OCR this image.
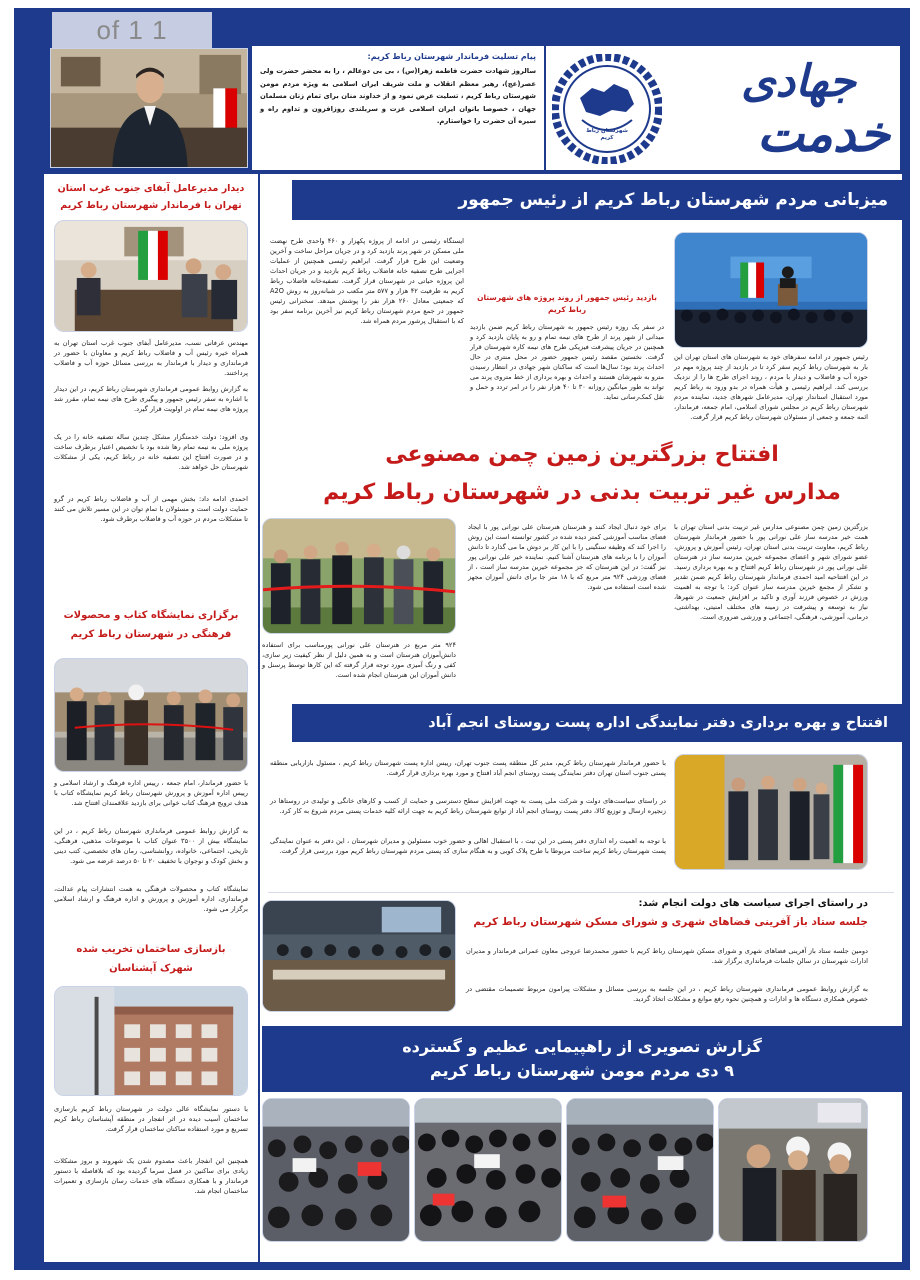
1 of 1
شهرستان رباط کریم
جهادی
خدمت
پیام تسلیت فرماندار شهرستان رباط کریم:
سالروز شهادت حضرت فاطمه زهرا(س) ، بی بی دوعالم ، را به محضر حضرت ولی عصر(عج)، رهبر معظم انقلاب و ملت شریف ایران اسلامی به ویژه مردم مومن شهرستان رباط کریم ، تسلیت عرض نمود و از خداوند منان برای تمام زنان مسلمان جهان ، خصوصا بانوان ایران اسلامی عزت و سربلندی روزافزون و تداوم راه و سیره آن حضرت را خواستارم.
دیدار مدیرعامل آبفای جنوب غرب استان تهران با فرماندار شهرستان رباط کریم
مهندس عرفانی نسب، مدیرعامل آبفای جنوب غرب استان تهران به همراه خیره رئیس آب و فاضلاب رباط کریم و معاونان با حضور در فرمانداری و دیدار با فرماندار به بررسی مسائل حوزه آب و فاضلاب پرداختند.
به گزارش روابط عمومی فرمانداری شهرستان رباط کریم، در این دیدار با اشاره به سفر رئیس جمهور و پیگیری طرح های نیمه تمام، مقرر شد پروژه های نیمه تمام در اولویت قرار گیرد.
وی افزود: دولت خدمتگزار مشکل چندین ساله تصفیه خانه را در یک پروژه ملی به نیمه تمام رها شده بود با تخصیص اعتبار برطرف ساخت و در صورت افتتاح این تصفیه خانه در رباط کریم، یکی از مشکلات شهرستان حل خواهد شد.
احمدی ادامه داد: بخش مهمی از آب و فاضلاب رباط کریم در گرو حمایت دولت است و مسئولان با تمام توان در این مسیر تلاش می کنند تا مشکلات مردم در حوزه آب و فاضلاب برطرف شود.
برگزاری نمایشگاه کتاب و محصولات فرهنگی در شهرستان رباط کریم
با حضور فرماندار، امام جمعه ، رییس اداره فرهنگ و ارشاد اسلامی و رییس اداره آموزش و پرورش شهرستان رباط کریم نمایشگاه کتاب با هدف ترویج فرهنگ کتاب خوانی برای بازدید علاقمندان افتتاح شد.
به گزارش روابط عمومی فرمانداری شهرستان رباط کریم ، در این نمایشگاه بیش از ۳۵۰۰ عنوان کتاب با موضوعات مذهبی، فرهنگی، تاریخی، اجتماعی، خانواده، روانشناسی، رمان های تخصصی، کتب دینی و بخش کودک و نوجوان با تخفیف ۲۰ تا ۵۰ درصد عرضه می شود.
نمایشگاه کتاب و محصولات فرهنگی به همت انتشارات پیام عدالت، فرمانداری، اداره آموزش و پرورش و اداره فرهنگ و ارشاد اسلامی برگزار می شود.
بازسازی ساختمان تخریب شده شهرک آپشناسان
با دستور نمایشگاه عالی دولت در شهرستان رباط کریم بازسازی ساختمان آسیب دیده در اثر انفجار در منطقه آپشناسان رباط کریم تسریع و مورد استفاده ساکنان ساختمان قرار گرفت.
همچنین این انفجار باعث مصدوم شدن یک شهروند و بروز مشکلات زیادی برای ساکنین در فصل سرما گردیده بود که بلافاصله با دستور فرماندار و با همکاری دستگاه های خدمات رسان بازسازی و تعمیرات ساختمان انجام شد.
میزبانی مردم شهرستان رباط کریم از رئیس جمهور
رئیس جمهور در ادامه سفرهای خود به شهرستان های استان تهران این بار به شهرستان رباط کریم سفر کرد تا در بازدید از چند پروژه مهم در حوزه آب و فاضلاب و دیدار با مردم ، روند اجرای طرح ها را از نزدیک بررسی کند. ابراهیم رئیسی و هیأت همراه در بدو ورود به رباط کریم مورد استقبال استاندار تهران، مدیرعامل شهرهای جدید، نماینده مردم شهرستان رباط کریم در مجلس شورای اسلامی، امام جمعه، فرماندار، ائمه جمعه و جمعی از مسئولان شهرستان رباط کریم قرار گرفت.
بازدید رئیس جمهور از روند پروژه های شهرستان رباط کریم
در سفر یک روزه رئیس جمهور به شهرستان رباط کریم ضمن بازدید میدانی از شهر پرند از طرح های نیمه تمام و رو به پایان بازدید کرد و همچنین در جریان پیشرفت فیزیکی طرح های نیمه کاره شهرستان قرار گرفت. نخستین مقصد رئیس جمهور حضور در محل منتری در حال احداث پرند بود؛ سال‌ها است که ساکنان شهر جهادی در انتظار رسیدن مترو به شهرشان هستند و احداث و بهره برداری از خط متروی پرند می تواند به طور میانگین روزانه ۳۰ تا ۴۰ هزار نفر را در امر تردد و حمل و نقل کمک‌رسانی نماید.
ایستگاه رئیسی در ادامه از پروژه پکهزار و ۴۶۰ واحدی طرح نهضت ملی مسکن در شهر پرند بازدید کرد و در جریان مراحل ساخت و آخرین وضعیت این طرح قرار گرفت. ابراهیم رئیسی همچنین از عملیات اجرایی طرح تصفیه خانه فاضلاب رباط کریم بازدید و در جریان احداث این پروژه حیاتی در شهرستان قرار گرفت. تصفیه‌خانه فاضلاب رباط کریم به ظرفیت ۴۲ هزار و ۵۷۷ متر مکعب در شبانه‌روز به روش A2O که جمعیتی معادل ۲۶۰ هزار نفر را پوشش میدهد. سخنرانی رئیس جمهور در جمع مردم شهرستان رباط کریم نیز آخرین برنامه سفر بود که با استقبال پرشور مردم همراه شد.
افتتاح بزرگترین زمین چمن مصنوعی
مدارس غیر تربیت بدنی در شهرستان رباط کریم
۹۲۴ متر مربع در هنرستان علی نورانی پورمناسب برای استفاده دانش‌آموزان هنرستان است و به همین دلیل از نظر کیفیت زیر سازی، کفی و رنگ آمیزی مورد توجه قرار گرفته که این کارها توسط پرسنل و دانش آموزان این هنرستان انجام شده است.
بزرگترین زمین چمن مصنوعی مدارس غیر تربیت بدنی استان تهران با همت خیر مدرسه ساز علی نورانی پور با حضور فرماندار شهرستان رباط کریم، معاونت تربیت بدنی استان تهران، رئیس آموزش و پرورش، عضو شورای شهر و اعضای مجموعه خیرین مدرسه ساز در هنرستان علی نورانی پور در شهرستان رباط کریم افتتاح و به بهره برداری رسید. در این افتتاحیه امید احمدی فرماندار شهرستان رباط کریم ضمن تقدیر و تشکر از مجمع خیرین مدرسه ساز عنوان کرد: با توجه به اهمیت ورزش در خصوص فرزند آوری و تاکید بر افزایش جمعیت در شهرها، نیاز به توسعه و پیشرفت در زمینه های مختلف امنیتی، بهداشتی، درمانی، آموزشی، فرهنگی، اجتماعی و ورزشی ضروری است.
برای خود دنبال ایجاد کنند و هنرستان هنرستان علی نورانی پور با ایجاد فضای مناسب آموزشی کمتر دیده شده در کشور توانسته است این روش را اجرا کند که وظیفه سنگینی را با این کار بر دوش ما می گذارد تا دانش آموزان را با برنامه های هنرستان آشنا کنیم. نماینده خیر علی نورانی پور نیز گفت: در این هنرستان که جز مجموعه خیرین مدرسه ساز است ، از فضای ورزشی ۹۲۴ متر مربع که با ۱۸ متر جا برای دانش آموزان مجهز شده است استفاده می شود.
افتتاح و بهره برداری دفتر نمایندگی اداره پست روستای انجم آباد
با حضور فرماندار شهرستان رباط کریم، مدیر کل منطقه پست جنوب تهران، رییس اداره پست شهرستان رباط کریم ، مسئول بازاریابی منطقه پستی جنوب استان تهران دفتر نمایندگی پست روستای انجم آباد افتتاح و مورد بهره برداری قرار گرفت.
در راستای سیاست‌های دولت و شرکت ملی پست به جهت افزایش سطح دسترسی و حمایت از کسب و کارهای خانگی و تولیدی در روستاها در زنجیره ارسال و توزیع کالا، دفتر پست روستای انجم آباد از توابع شهرستان رباط کریم به جهت ارائه کلیه خدمات پستی مردم شروع به کار کرد.
با توجه به اهمیت راه اندازی دفتر پستی در این تیت ، با استقبال اهالی و حضور خوب مسئولین و مدیران شهرستان ، این دفتر به عنوان نمایندگی پست شهرستان رباط کریم ساخت مربوطا با طرح پلاک کوبی و به هنگام سازی کد پستی مردم شهرستان رباط کریم مورد بررسی قرار گرفت.
در راستای اجرای سیاست های دولت انجام شد:
جلسه ستاد باز آفرینی فضاهای شهری و شورای مسکن شهرستان رباط کریم
دومین جلسه ستاد باز آفرینی فضاهای شهری و شورای مسکن شهرستان رباط کریم با حضور محمدرضا عروجی معاون عمرانی فرماندار و مدیران ادارات شهرستان در سالن جلسات فرمانداری برگزار شد.
به گزارش روابط عمومی فرمانداری شهرستان رباط کریم ، در این جلسه به بررسی مسائل و مشکلات پیرامون مربوط تصمیمات مقتضی در خصوص همکاری دستگاه ها و ادارات و همچنین نحوه رفع موانع و مشکلات اتخاذ گردید.
گزارش تصویری از راهپیمایی عظیم و گسترده
۹ دی مردم مومن شهرستان رباط کریم
